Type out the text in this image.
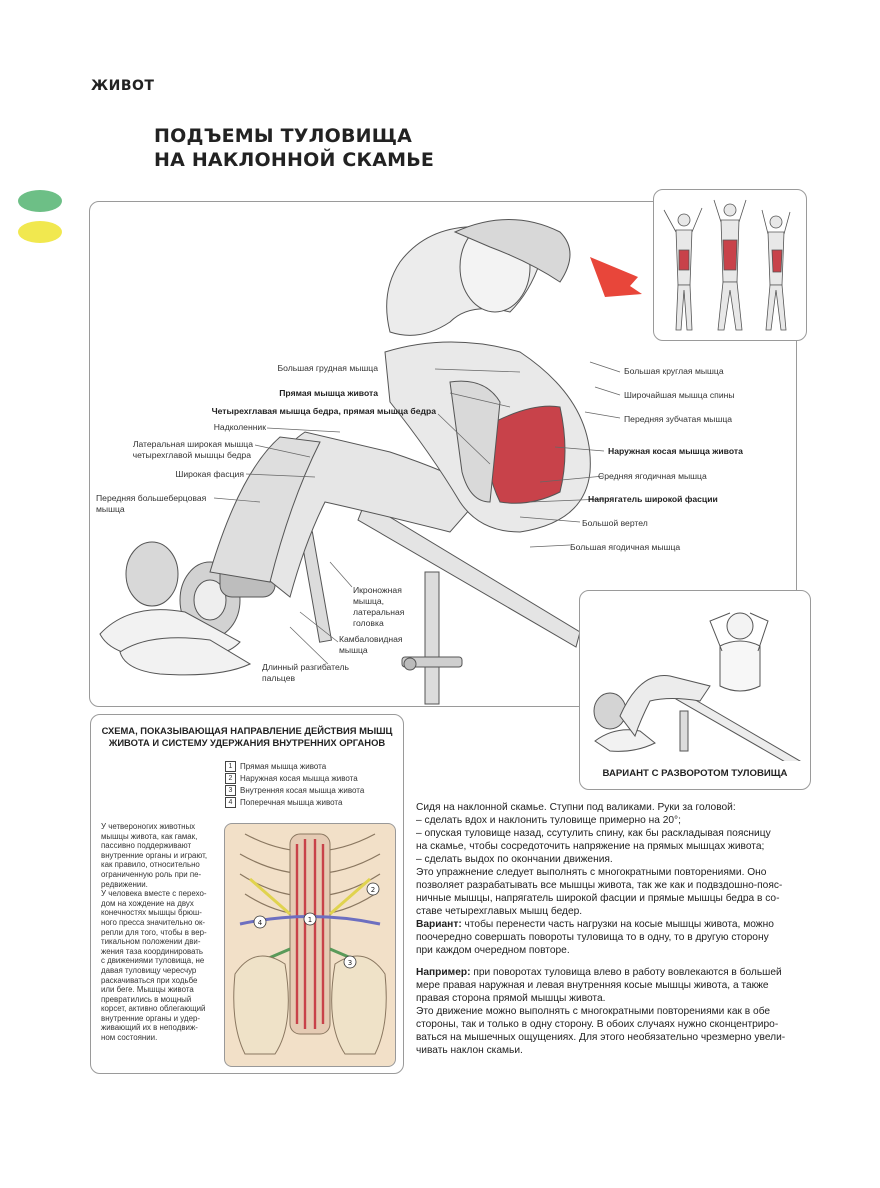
ЖИВОТ
ПОДЪЕМЫ ТУЛОВИЩА
НА НАКЛОННОЙ СКАМЬЕ
Большая грудная мышца
Прямая мышца живота
Четырехглавая мышца бедра, прямая мышца бедра
Надколенник
Латеральная широкая мышца
четырехглавой мышцы бедра
Широкая фасция
Передняя большеберцовая
мышца
Большая круглая мышца
Широчайшая мышца спины
Передняя зубчатая мышца
Наружная косая мышца живота
Средняя ягодичная мышца
Напрягатель широкой фасции
Большой вертел
Большая ягодичная мышца
Икроножная
мышца,
латеральная
головка
Камбаловидная
мышца
Длинный разгибатель
пальцев
ВАРИАНТ С РАЗВОРОТОМ ТУЛОВИЩА
СХЕМА, ПОКАЗЫВАЮЩАЯ НАПРАВЛЕНИЕ ДЕЙСТВИЯ МЫШЦ
ЖИВОТА И СИСТЕМУ УДЕРЖАНИЯ ВНУТРЕННИХ ОРГАНОВ
1 Прямая мышца живота
2 Наружная косая мышца живота
3 Внутренняя косая мышца живота
4 Поперечная мышца живота
У четвероногих животных
мышцы живота, как гамак,
пассивно поддерживают
внутренние органы и играют,
как правило, относительно
ограниченную роль при пе-
редвижении.
У человека вместе с перехо-
дом на хождение на двух
конечностях мышцы брюш-
ного пресса значительно ок-
репли для того, чтобы в вер-
тикальном положении дви-
жения таза координировать
с движениями туловища, не
давая туловищу чересчур
раскачиваться при ходьбе
или беге. Мышцы живота
превратились в мощный
корсет, активно облегающий
внутренние органы и удер-
живающий их в неподвиж-
ном состоянии.
1
2
3
4
Сидя на наклонной скамье. Ступни под валиками. Руки за головой:
– сделать вдох и наклонить туловище примерно на 20°;
– опуская туловище назад, ссутулить спину, как бы раскладывая поясницу
на скамье, чтобы сосредоточить напряжение на прямых мышцах живота;
– сделать выдох по окончании движения.
Это упражнение следует выполнять с многократными повторениями. Оно
позволяет разрабатывать все мышцы живота, так же как и подвздошно-пояс-
ничные мышцы, напрягатель широкой фасции и прямые мышцы бедра в со-
ставе четырехглавых мышц бедер.
Вариант: чтобы перенести часть нагрузки на косые мышцы живота, можно
поочередно совершать повороты туловища то в одну, то в другую сторону
при каждом очередном повторе.
Например: при поворотах туловища влево в работу вовлекаются в большей
мере правая наружная и левая внутренняя косые мышцы живота, а также
правая сторона прямой мышцы живота.
Это движение можно выполнять с многократными повторениями как в обе
стороны, так и только в одну сторону. В обоих случаях нужно сконцентриро-
ваться на мышечных ощущениях. Для этого необязательно чрезмерно увели-
чивать наклон скамьи.
